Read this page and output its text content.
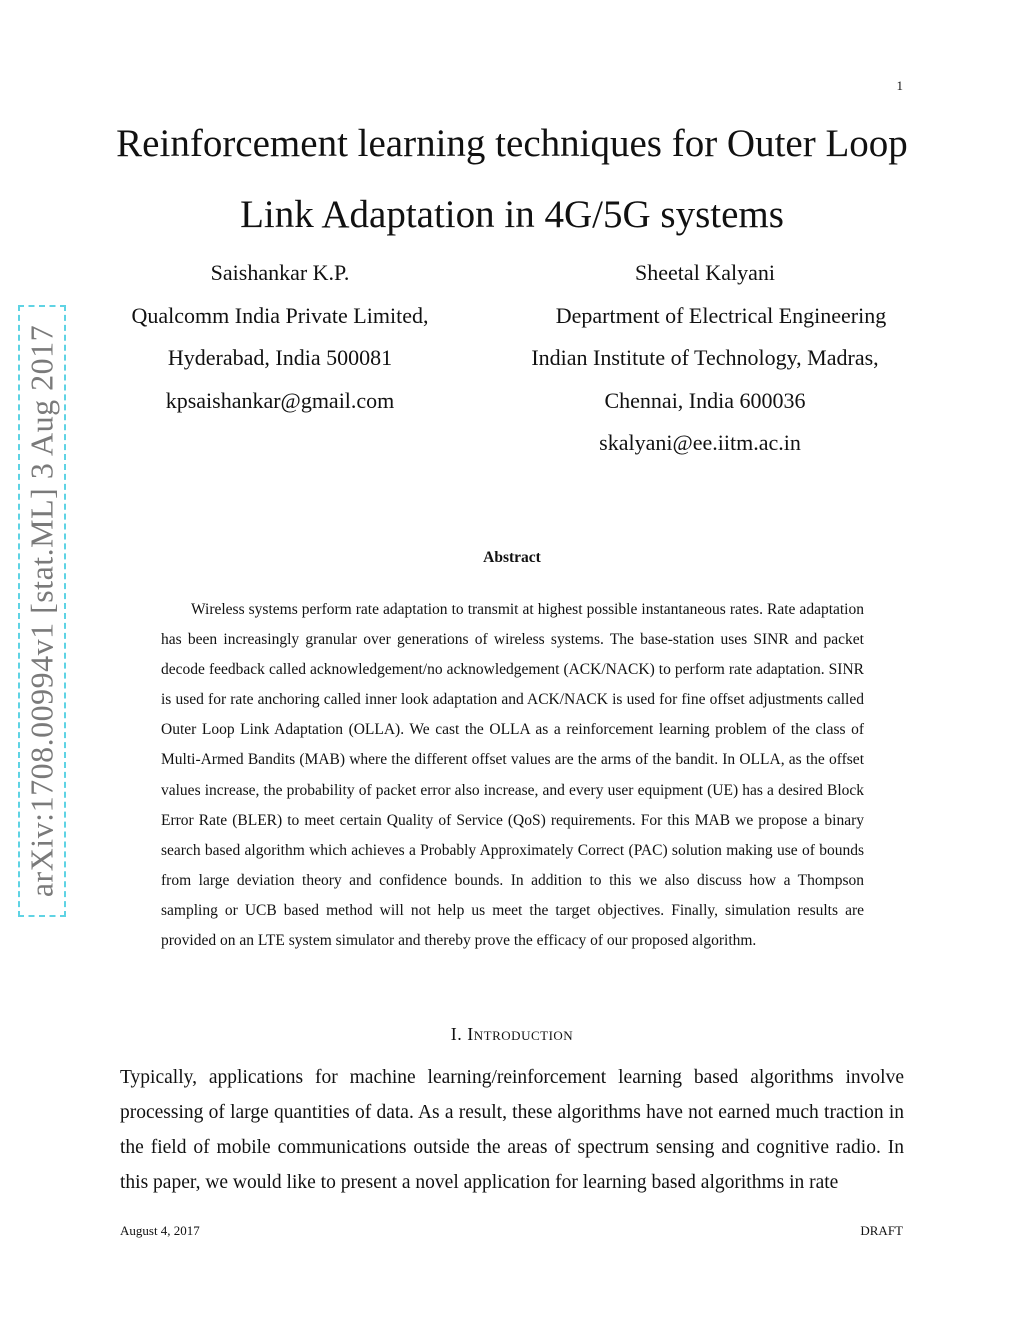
1
arXiv:1708.00994v1 [stat.ML] 3 Aug 2017
Reinforcement learning techniques for Outer Loop Link Adaptation in 4G/5G systems
Saishankar K.P.
Qualcomm India Private Limited,
Hyderabad, India 500081
kpsaishankar@gmail.com
Sheetal Kalyani
Department of Electrical Engineering
Indian Institute of Technology, Madras,
Chennai, India 600036
skalyani@ee.iitm.ac.in
Abstract

Wireless systems perform rate adaptation to transmit at highest possible instantaneous rates. Rate adaptation has been increasingly granular over generations of wireless systems. The base-station uses SINR and packet decode feedback called acknowledgement/no acknowledgement (ACK/NACK) to perform rate adaptation. SINR is used for rate anchoring called inner look adaptation and ACK/NACK is used for fine offset adjustments called Outer Loop Link Adaptation (OLLA). We cast the OLLA as a reinforcement learning problem of the class of Multi-Armed Bandits (MAB) where the different offset values are the arms of the bandit. In OLLA, as the offset values increase, the probability of packet error also increase, and every user equipment (UE) has a desired Block Error Rate (BLER) to meet certain Quality of Service (QoS) requirements. For this MAB we propose a binary search based algorithm which achieves a Probably Approximately Correct (PAC) solution making use of bounds from large deviation theory and confidence bounds. In addition to this we also discuss how a Thompson sampling or UCB based method will not help us meet the target objectives. Finally, simulation results are provided on an LTE system simulator and thereby prove the efficacy of our proposed algorithm.

I. Introduction

Typically, applications for machine learning/reinforcement learning based algorithms involve processing of large quantities of data. As a result, these algorithms have not earned much traction in the field of mobile communications outside the areas of spectrum sensing and cognitive radio. In this paper, we would like to present a novel application for learning based algorithms in rate

August 4, 2017	DRAFT
